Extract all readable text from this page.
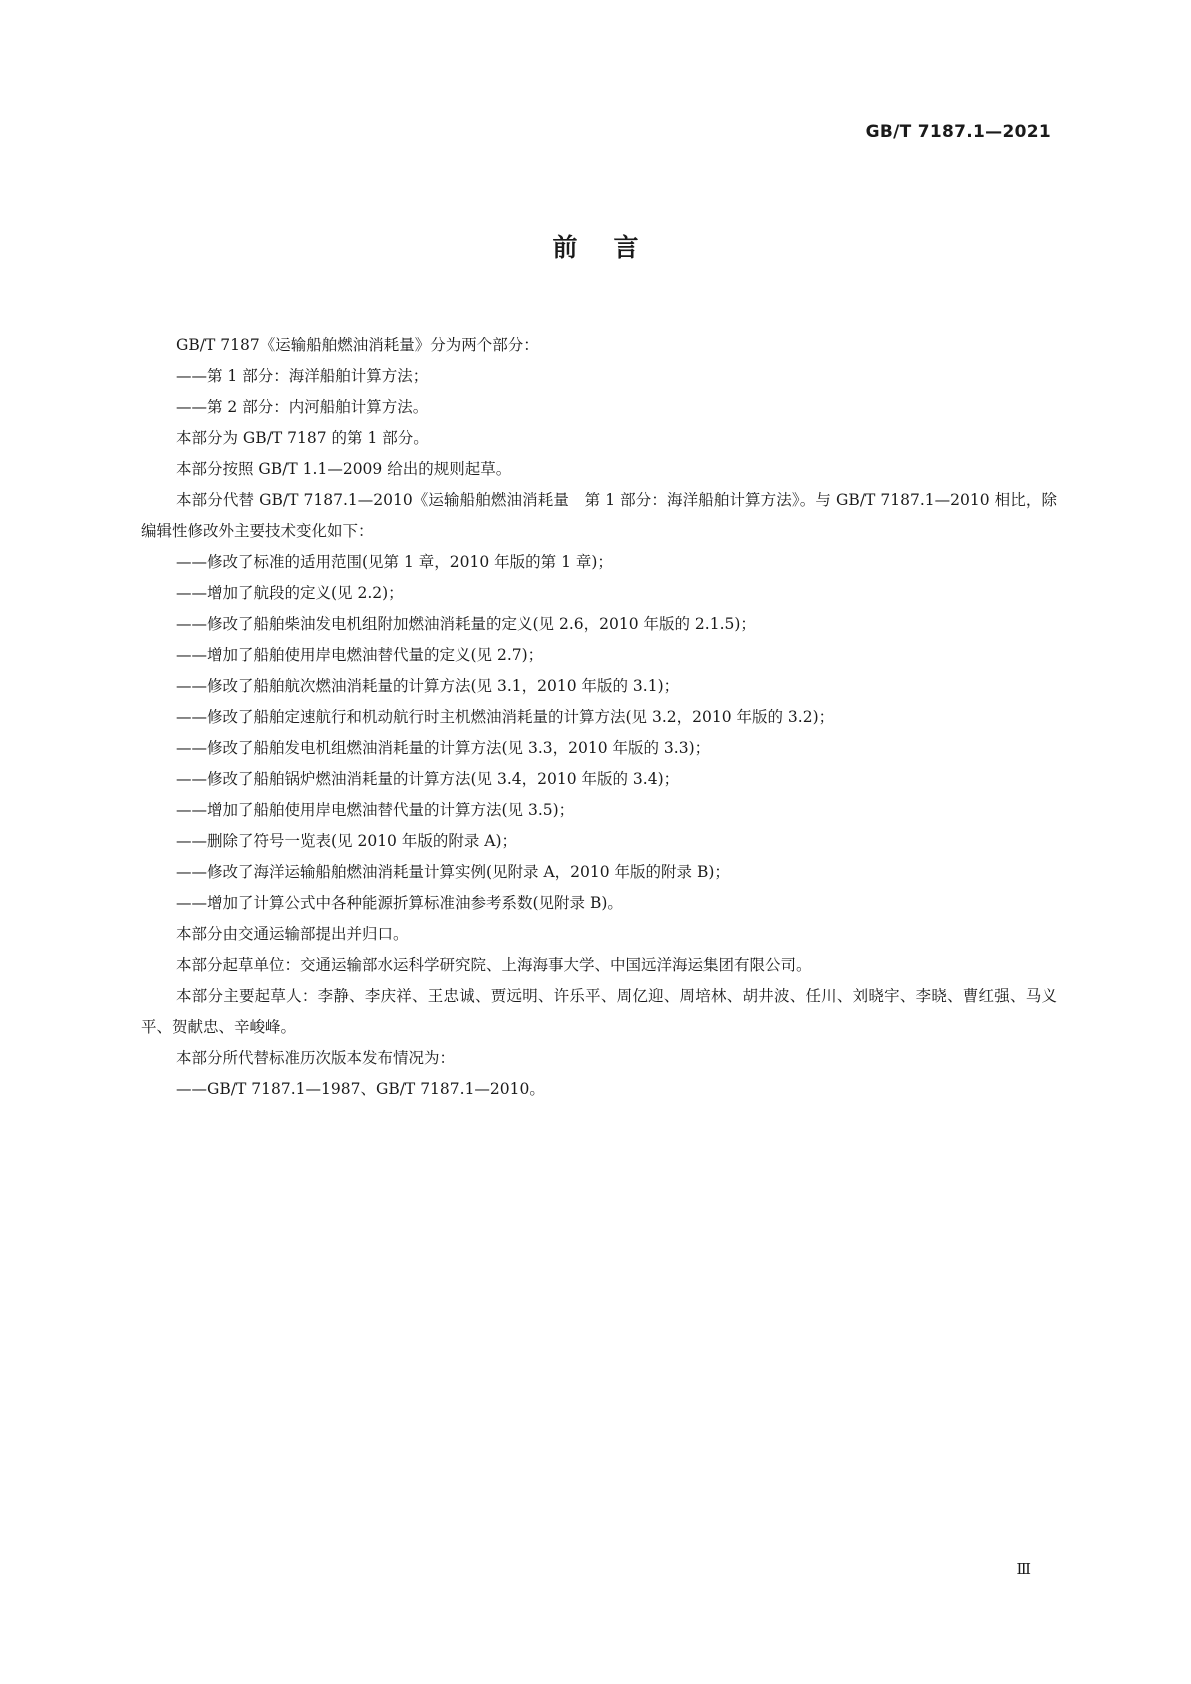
GB/T 7187.1—2021
前言

GB/T 7187《运输船舶燃油消耗量》分为两个部分：

——第 1 部分：海洋船舶计算方法；

——第 2 部分：内河船舶计算方法。

本部分为 GB/T 7187 的第 1 部分。

本部分按照 GB/T 1.1—2009 给出的规则起草。

本部分代替 GB/T 7187.1—2010《运输船舶燃油消耗量　第 1 部分：海洋船舶计算方法》。与 GB/T 7187.1—2010 相比，除编辑性修改外主要技术变化如下：

——修改了标准的适用范围(见第 1 章，2010 年版的第 1 章)；

——增加了航段的定义(见 2.2)；

——修改了船舶柴油发电机组附加燃油消耗量的定义(见 2.6，2010 年版的 2.1.5)；

——增加了船舶使用岸电燃油替代量的定义(见 2.7)；

——修改了船舶航次燃油消耗量的计算方法(见 3.1，2010 年版的 3.1)；

——修改了船舶定速航行和机动航行时主机燃油消耗量的计算方法(见 3.2，2010 年版的 3.2)；

——修改了船舶发电机组燃油消耗量的计算方法(见 3.3，2010 年版的 3.3)；

——修改了船舶锅炉燃油消耗量的计算方法(见 3.4，2010 年版的 3.4)；

——增加了船舶使用岸电燃油替代量的计算方法(见 3.5)；

——删除了符号一览表(见 2010 年版的附录 A)；

——修改了海洋运输船舶燃油消耗量计算实例(见附录 A，2010 年版的附录 B)；

——增加了计算公式中各种能源折算标准油参考系数(见附录 B)。

本部分由交通运输部提出并归口。

本部分起草单位：交通运输部水运科学研究院、上海海事大学、中国远洋海运集团有限公司。

本部分主要起草人：李静、李庆祥、王忠诚、贾远明、许乐平、周亿迎、周培林、胡井波、任川、刘晓宇、李晓、曹红强、马义平、贺献忠、辛峻峰。

本部分所代替标准历次版本发布情况为：

——GB/T 7187.1—1987、GB/T 7187.1—2010。

Ⅲ
